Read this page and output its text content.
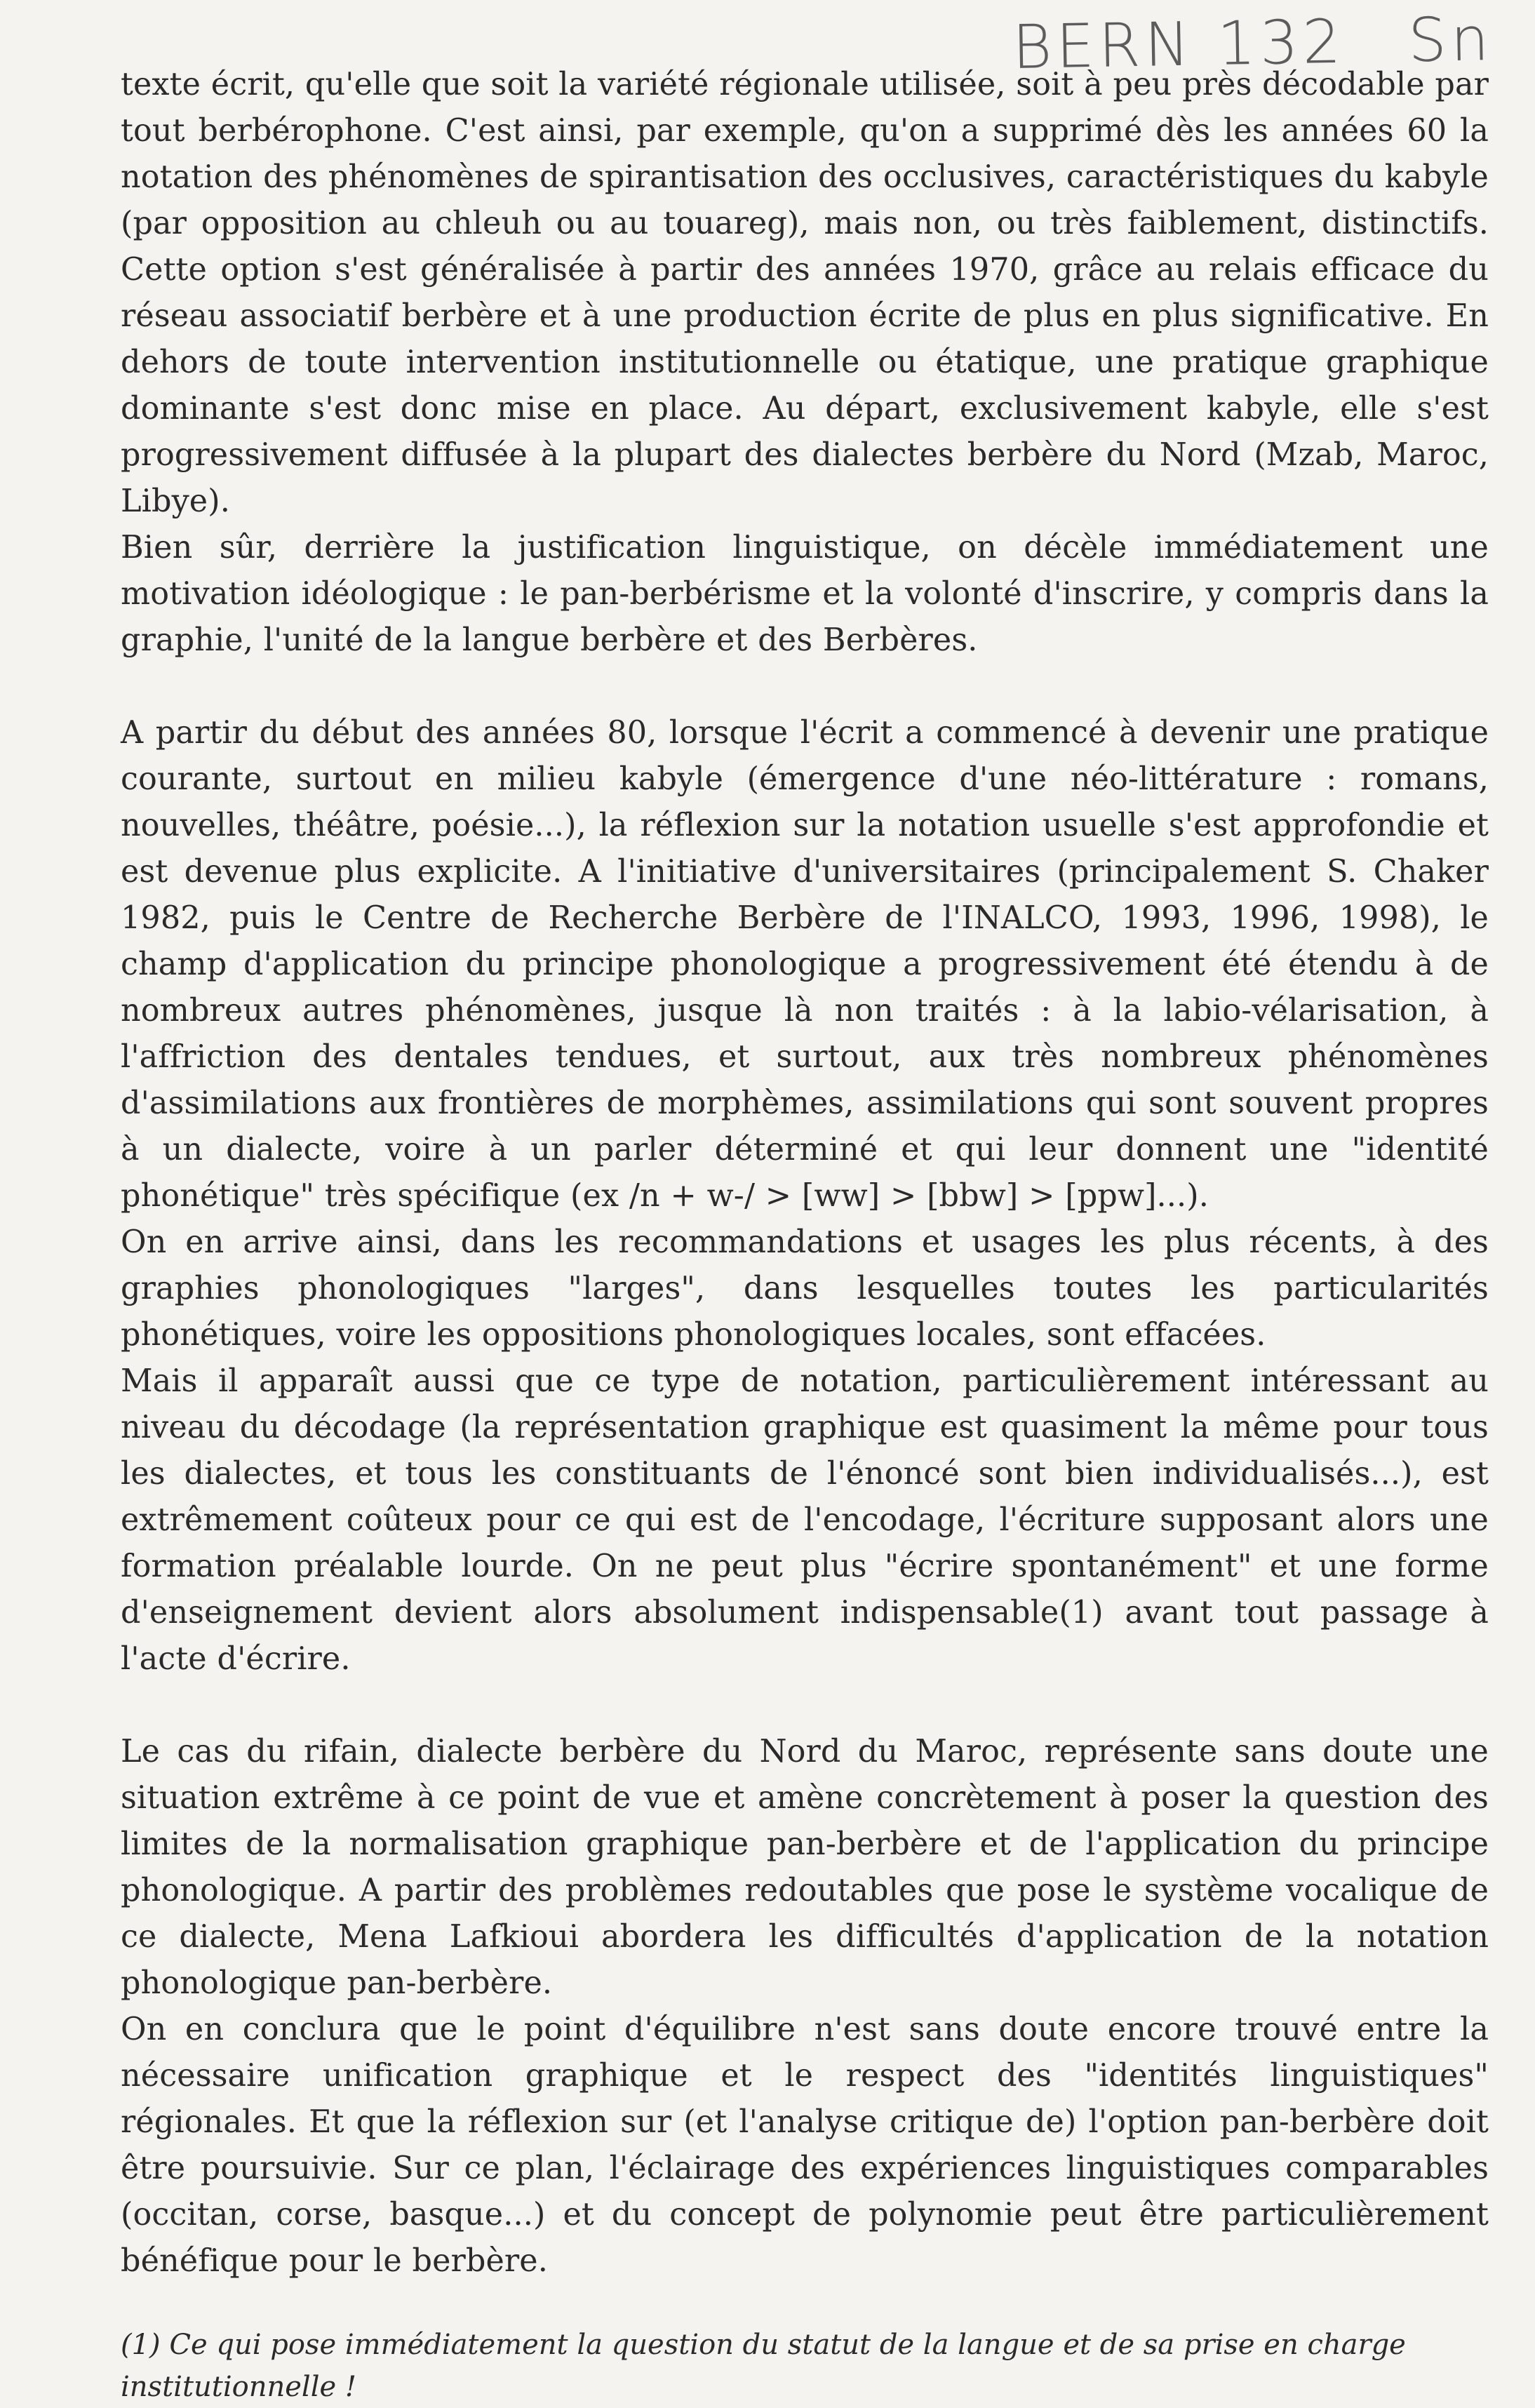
BERN 132 Sn

texte écrit, qu'elle que soit la variété régionale utilisée, soit à peu près décodable par tout berbérophone. C'est ainsi, par exemple, qu'on a supprimé dès les années 60 la notation des phénomènes de spirantisation des occlusives, caractéristiques du kabyle (par opposition au chleuh ou au touareg), mais non, ou très faiblement, distinctifs. Cette option s'est généralisée à partir des années 1970, grâce au relais efficace du réseau associatif berbère et à une production écrite de plus en plus significative. En dehors de toute intervention institutionnelle ou étatique, une pratique graphique dominante s'est donc mise en place. Au départ, exclusivement kabyle, elle s'est progressivement diffusée à la plupart des dialectes berbère du Nord (Mzab, Maroc, Libye).

Bien sûr, derrière la justification linguistique, on décèle immédiatement une motivation idéologique : le pan-berbérisme et la volonté d'inscrire, y compris dans la graphie, l'unité de la langue berbère et des Berbères.

A partir du début des années 80, lorsque l'écrit a commencé à devenir une pratique courante, surtout en milieu kabyle (émergence d'une néo-littérature : romans, nouvelles, théâtre, poésie...), la réflexion sur la notation usuelle s'est approfondie et est devenue plus explicite. A l'initiative d'universitaires (principalement S. Chaker 1982, puis le Centre de Recherche Berbère de l'INALCO, 1993, 1996, 1998), le champ d'application du principe phonologique a progressivement été étendu à de nombreux autres phénomènes, jusque là non traités : à la labio-vélarisation, à l'affriction des dentales tendues, et surtout, aux très nombreux phénomènes d'assimilations aux frontières de morphèmes, assimilations qui sont souvent propres à un dialecte, voire à un parler déterminé et qui leur donnent une "identité phonétique" très spécifique (ex /n + w-/ > [ww] > [bbw] > [ppw]...).

On en arrive ainsi, dans les recommandations et usages les plus récents, à des graphies phonologiques "larges", dans lesquelles toutes les particularités phonétiques, voire les oppositions phonologiques locales, sont effacées.

Mais il apparaît aussi que ce type de notation, particulièrement intéressant au niveau du décodage (la représentation graphique est quasiment la même pour tous les dialectes, et tous les constituants de l'énoncé sont bien individualisés...), est extrêmement coûteux pour ce qui est de l'encodage, l'écriture supposant alors une formation préalable lourde. On ne peut plus "écrire spontanément" et une forme d'enseignement devient alors absolument indispensable(1) avant tout passage à l'acte d'écrire.

Le cas du rifain, dialecte berbère du Nord du Maroc, représente sans doute une situation extrême à ce point de vue et amène concrètement à poser la question des limites de la normalisation graphique pan-berbère et de l'application du principe phonologique. A partir des problèmes redoutables que pose le système vocalique de ce dialecte, Mena Lafkioui abordera les difficultés d'application de la notation phonologique pan-berbère.

On en conclura que le point d'équilibre n'est sans doute encore trouvé entre la nécessaire unification graphique et le respect des "identités linguistiques" régionales. Et que la réflexion sur (et l'analyse critique de) l'option pan-berbère doit être poursuivie. Sur ce plan, l'éclairage des expériences linguistiques comparables (occitan, corse, basque...) et du concept de polynomie peut être particulièrement bénéfique pour le berbère.

(1) Ce qui pose immédiatement la question du statut de la langue et de sa prise en charge institutionnelle !
